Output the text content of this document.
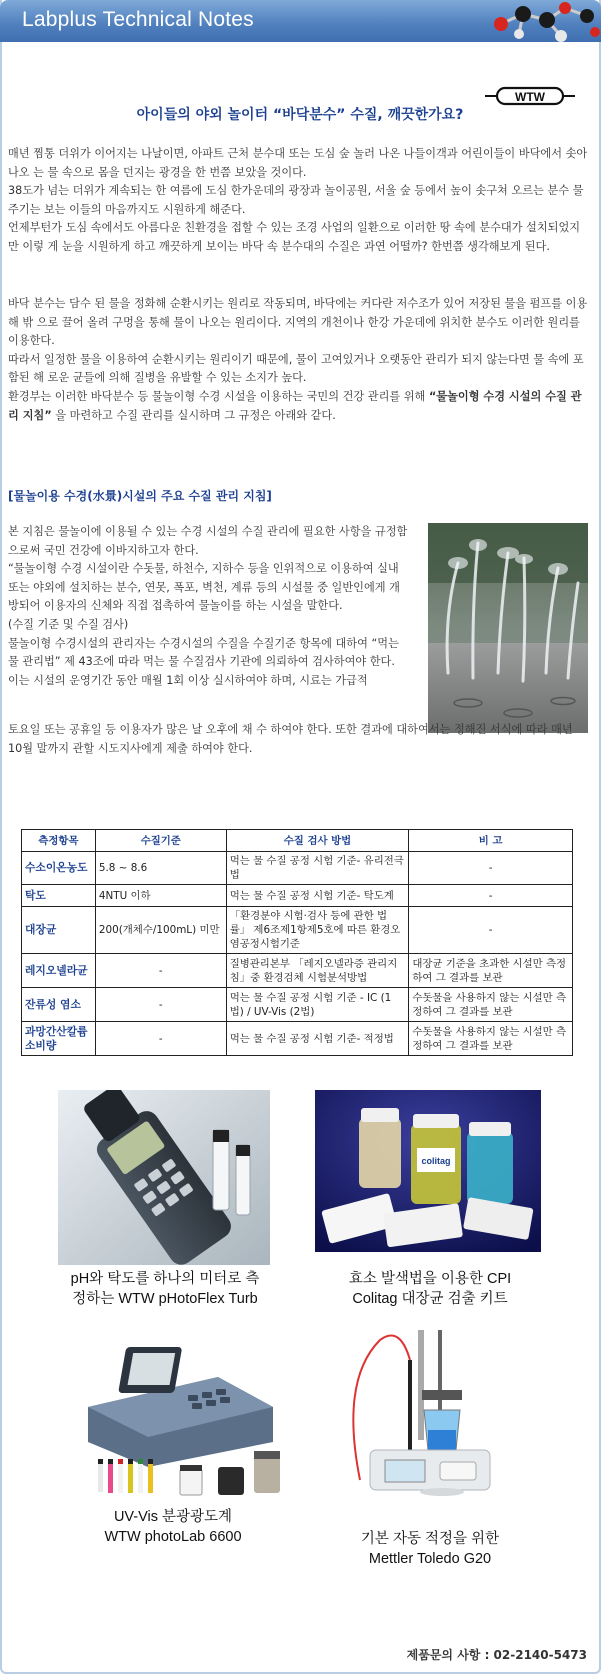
Labplus Technical Notes
WTW
아이들의 야외 놀이터 “바닥분수” 수질, 깨끗한가요?

매년 찜통 더위가 이어지는 나날이면, 아파트 근처 분수대 또는 도심 숲 놀러 나온 나들이객과 어린이들이 바닥에서 솟아나오 는 물 속으로 몸을 던지는 광경을 한 번쯤 보았을 것이다.

38도가 넘는 더위가 계속되는 한 여름에 도심 한가운데의 광장과 놀이공원, 서울 숲 등에서 높이 솟구쳐 오르는 분수 물주기는 보는 이들의 마음까지도 시원하게 해준다.

언제부턴가 도심 속에서도 아름다운 친환경을 접할 수 있는 조경 사업의 일환으로 이러한 땅 속에 분수대가 설치되었지만 이렇 게 눈을 시원하게 하고 깨끗하게 보이는 바닥 속 분수대의 수질은 과연 어떨까? 한번쯤 생각해보게 된다.

바닥 분수는 담수 된 물을 정화해 순환시키는 원리로 작동되며, 바닥에는 커다란 저수조가 있어 저장된 물을 펌프를 이용해 밖 으로 끌어 올려 구멍을 통해 물이 나오는 원리이다. 지역의 개천이나 한강 가운데에 위치한 분수도 이러한 원리를 이용한다.

따라서 일정한 물을 이용하여 순환시키는 원리이기 때문에, 물이 고여있거나 오랫동안 관리가 되지 않는다면 물 속에 포함된 해 로운 균들에 의해 질병을 유발할 수 있는 소지가 높다.

환경부는 이러한 바닥분수 등 물놀이형 수경 시설을 이용하는 국민의 건강 관리를 위해 “물놀이형 수경 시설의 수질 관리 지침” 을 마련하고 수질 관리를 실시하며 그 규정은 아래와 같다.

[물놀이용 수경(水景)시설의 주요 수질 관리 지침]

본 지침은 물놀이에 이용될 수 있는 수경 시설의 수질 관리에 필요한 사항을 규정함으로써 국민 건강에 이바지하고자 한다.

“물놀이형 수경 시설이란 수돗물, 하천수, 지하수 등을 인위적으로 이용하여 실내 또는 야외에 설치하는 분수, 연못, 폭포, 벽천, 계류 등의 시설물 중 일반인에게 개방되어 이용자의 신체와 직접 접촉하여 물놀이를 하는 시설을 말한다.

(수질 기준 및 수질 검사)

물놀이형 수경시설의 관리자는 수경시설의 수질을 수질기준 항목에 대하여 “먹는 물 관리법” 제 43조에 따라 먹는 물 수질검사 기관에 의뢰하여 검사하여야 한다.

이는 시설의 운영기간 동안 매월 1회 이상 실시하여야 하며, 시료는 가급적

토요일 또는 공휴일 등 이용자가 많은 날 오후에 채 수 하여야 한다. 또한 결과에 대하여서는 정해진 서식에 따라 매년 10월 말까지 관할 시도지사에게 제출 하여야 한다.
측정항목	수질기준	수질 검사 방법	비 고
수소이온농도	5.8 ~ 8.6	먹는 물 수질 공정 시험 기준- 유리전극법	-
탁도	4NTU 이하	먹는 물 수질 공정 시험 기준- 탁도계	-
대장균	200(개체수/100mL) 미만	「환경분야 시험·검사 등에 관한 법률」 제6조제1항제5호에 따른 환경오염공정시험기준	-
레지오넬라균	-	질병관리본부 「레지오넬라증 관리지침」중 환경검체 시험분석방법	대장균 기준을 초과한 시설만 측정하여 그 결과를 보관
잔류성 염소	-	먹는 물 수질 공정 시험 기준 - IC (1법) / UV-Vis (2법)	수돗물을 사용하지 않는 시설만 측정하여 그 결과를 보관
과망간산칼륨 소비량	-	먹는 물 수질 공정 시험 기준- 적정법	수돗물을 사용하지 않는 시설만 측정하여 그 결과를 보관
pH와 탁도를 하나의 미터로 측
정하는 WTW pHotoFlex Turb
colitag
효소 발색법을 이용한 CPI
Colitag 대장균 검출 키트
UV-Vis 분광광도계
WTW photoLab 6600	기본 자동 적정을 위한
Mettler Toledo G20
제품문의 사항 : 02-2140-5473
